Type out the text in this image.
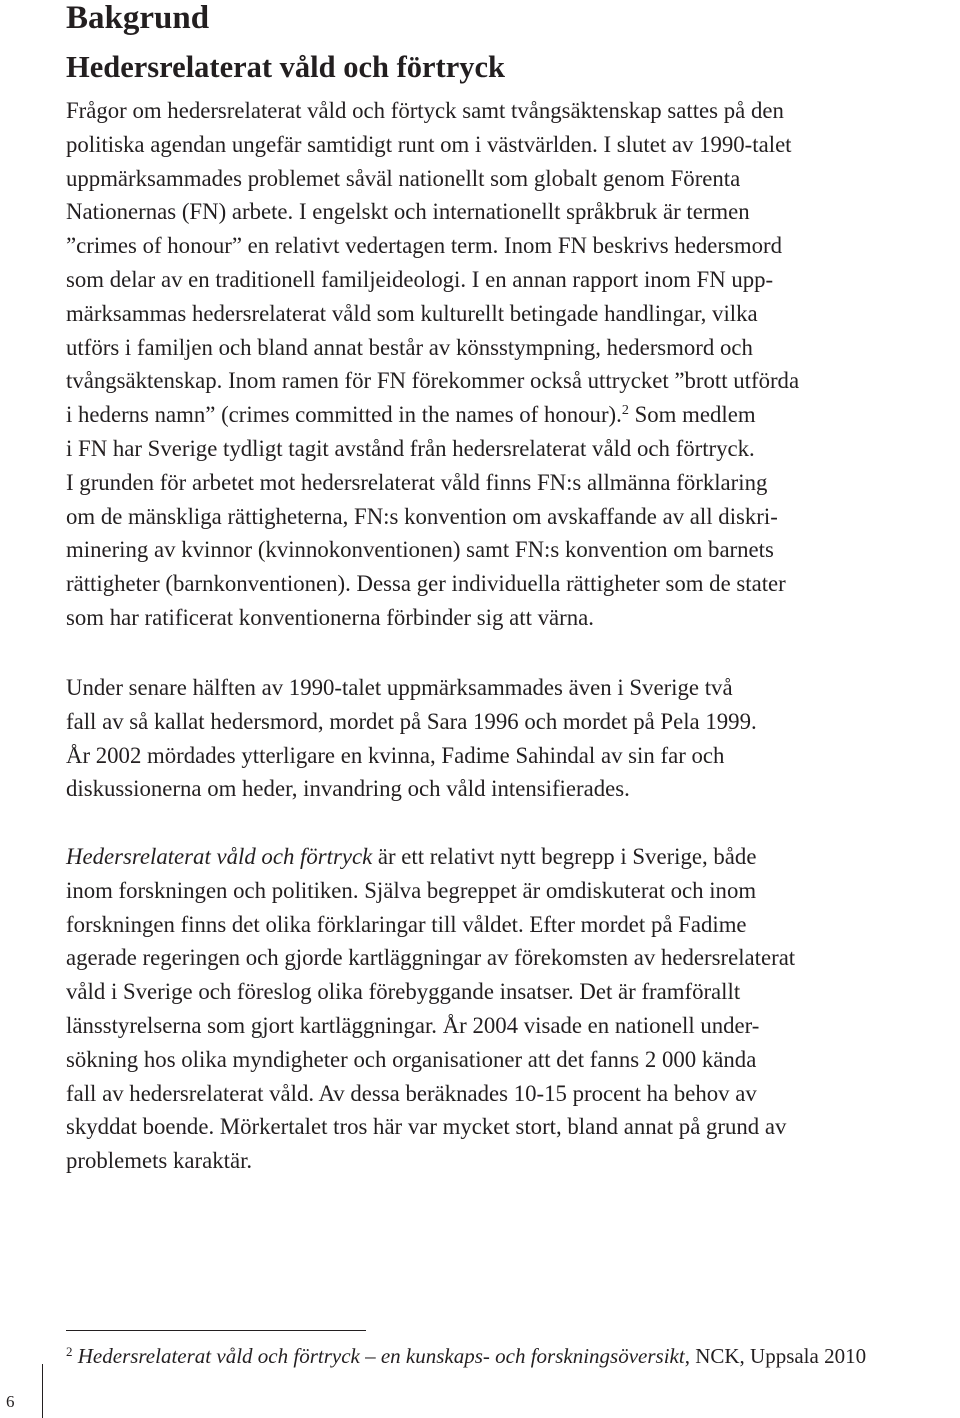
Bakgrund
Hedersrelaterat våld och förtryck

Frågor om hedersrelaterat våld och förtyck samt tvångsäktenskap sattes på den
politiska agendan ungefär samtidigt runt om i västvärlden. I slutet av 1990-talet
uppmärksammades problemet såväl nationellt som globalt genom Förenta
Nationernas (FN) arbete. I engelskt och internationellt språkbruk är termen
”crimes of honour” en relativt vedertagen term. Inom FN beskrivs hedersmord
som delar av en traditionell familjeideologi. I en annan rapport inom FN upp-
märksammas hedersrelaterat våld som kulturellt betingade handlingar, vilka
utförs i familjen och bland annat består av könsstympning, hedersmord och
tvångsäktenskap. Inom ramen för FN förekommer också uttrycket ”brott utförda
i hederns namn” (crimes committed in the names of honour).$^2$ Som medlem
i FN har Sverige tydligt tagit avstånd från hedersrelaterat våld och förtryck.
I grunden för arbetet mot hedersrelaterat våld finns FN:s allmänna förklaring
om de mänskliga rättigheterna, FN:s konvention om avskaffande av all diskri-
minering av kvinnor (kvinnokonventionen) samt FN:s konvention om barnets
rättigheter (barnkonventionen). Dessa ger individuella rättigheter som de stater
som har ratificerat konventionerna förbinder sig att värna.

Under senare hälften av 1990-talet uppmärksammades även i Sverige två
fall av så kallat hedersmord, mordet på Sara 1996 och mordet på Pela 1999.
År 2002 mördades ytterligare en kvinna, Fadime Sahindal av sin far och
diskussionerna om heder, invandring och våld intensifierades.

Hedersrelaterat våld och förtryck är ett relativt nytt begrepp i Sverige, både
inom forskningen och politiken. Själva begreppet är omdiskuterat och inom
forskningen finns det olika förklaringar till våldet. Efter mordet på Fadime
agerade regeringen och gjorde kartläggningar av förekomsten av hedersrelaterat
våld i Sverige och föreslog olika förebyggande insatser. Det är framförallt
länsstyrelserna som gjort kartläggningar. År 2004 visade en nationell under-
sökning hos olika myndigheter och organisationer att det fanns 2 000 kända
fall av hedersrelaterat våld. Av dessa beräknades 10-15 procent ha behov av
skyddat boende. Mörkertalet tros här var mycket stort, bland annat på grund av
problemets karaktär.

$^2$ Hedersrelaterat våld och förtryck – en kunskaps- och forskningsöversikt, NCK, Uppsala 2010

6
